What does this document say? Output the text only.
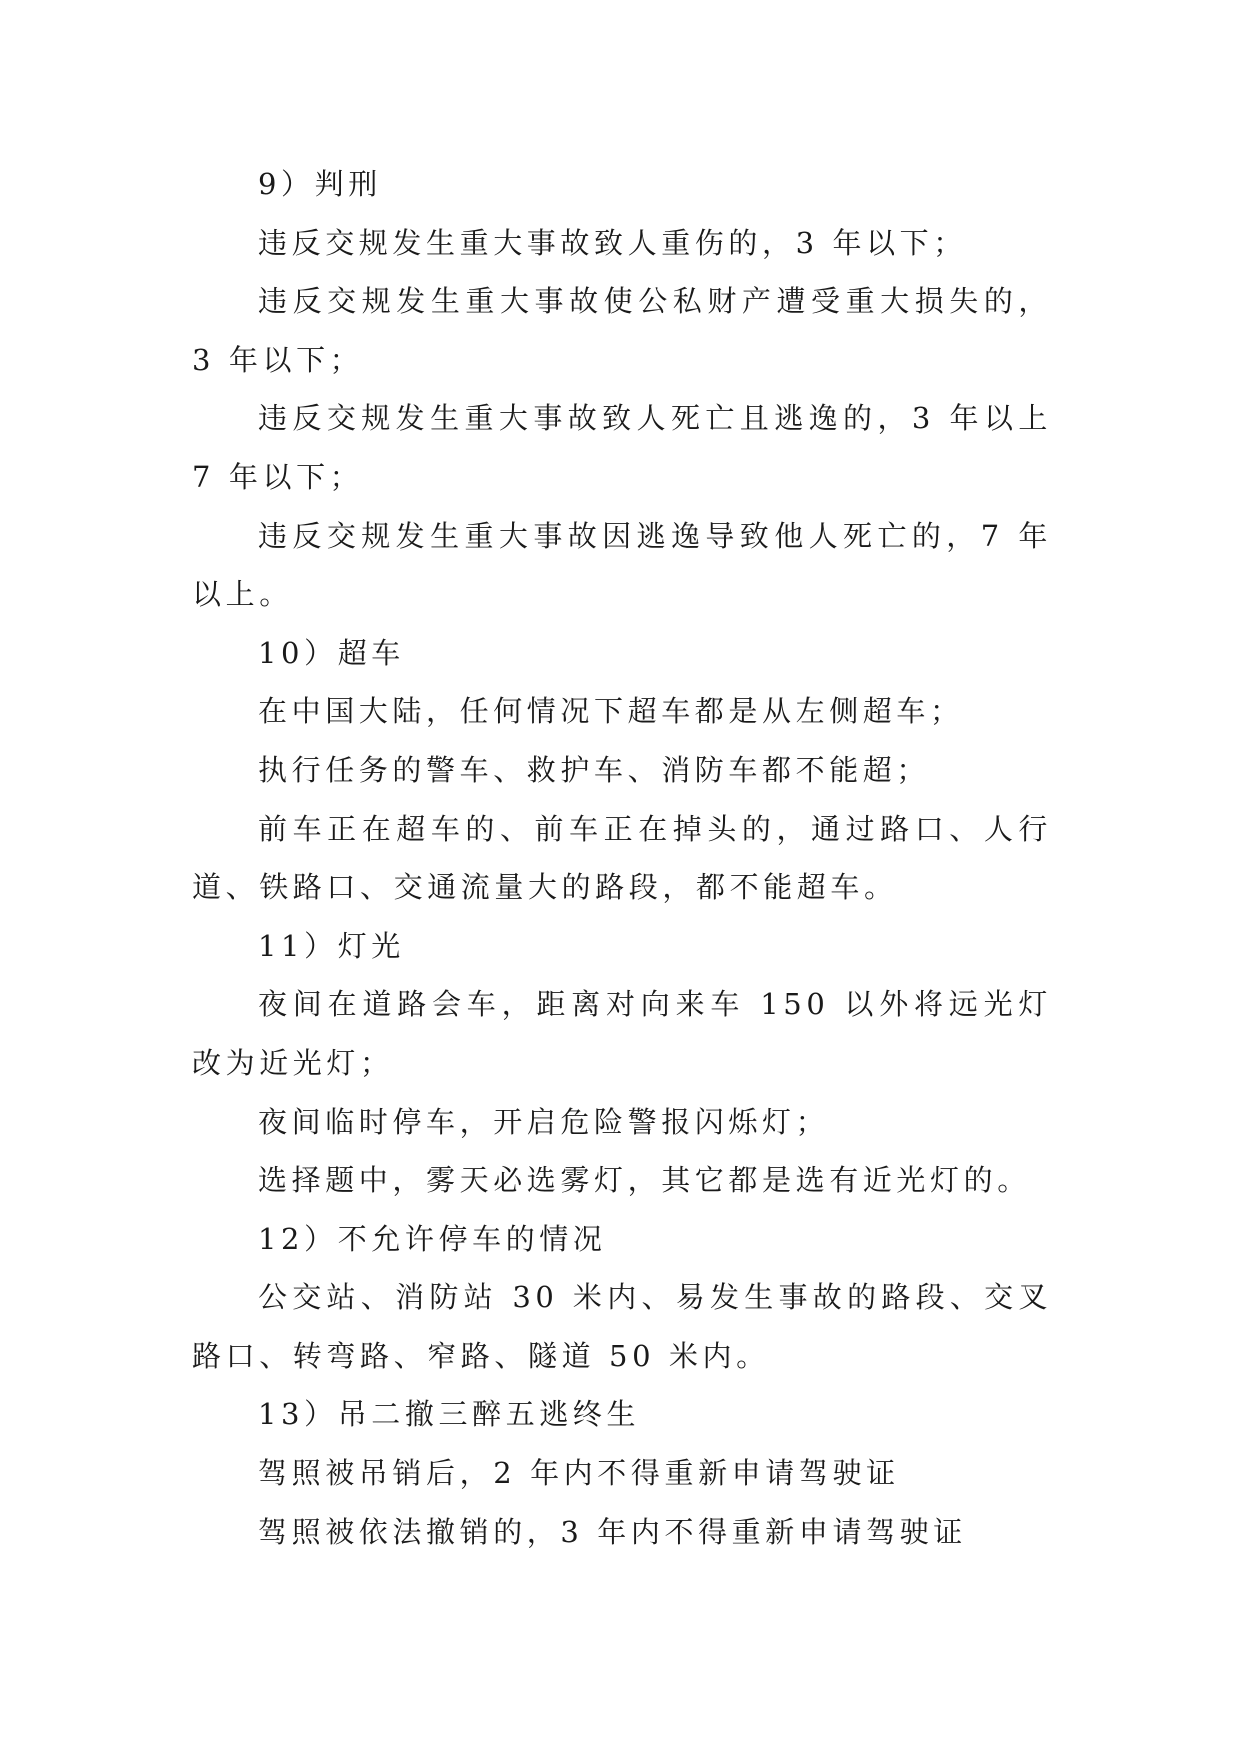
9）判刑

违反交规发生重大事故致人重伤的，3 年以下；

违反交规发生重大事故使公私财产遭受重大损失的，3 年以下；

违反交规发生重大事故致人死亡且逃逸的，3 年以上 7 年以下；

违反交规发生重大事故因逃逸导致他人死亡的，7 年以上。

10）超车

在中国大陆，任何情况下超车都是从左侧超车；

执行任务的警车、救护车、消防车都不能超；

前车正在超车的、前车正在掉头的，通过路口、人行道、铁路口、交通流量大的路段，都不能超车。

11）灯光

夜间在道路会车，距离对向来车 150 以外将远光灯改为近光灯；

夜间临时停车，开启危险警报闪烁灯；

选择题中，雾天必选雾灯，其它都是选有近光灯的。

12）不允许停车的情况

公交站、消防站 30 米内、易发生事故的路段、交叉路口、转弯路、窄路、隧道 50 米内。

13）吊二撤三醉五逃终生

驾照被吊销后，2 年内不得重新申请驾驶证

驾照被依法撤销的，3 年内不得重新申请驾驶证
